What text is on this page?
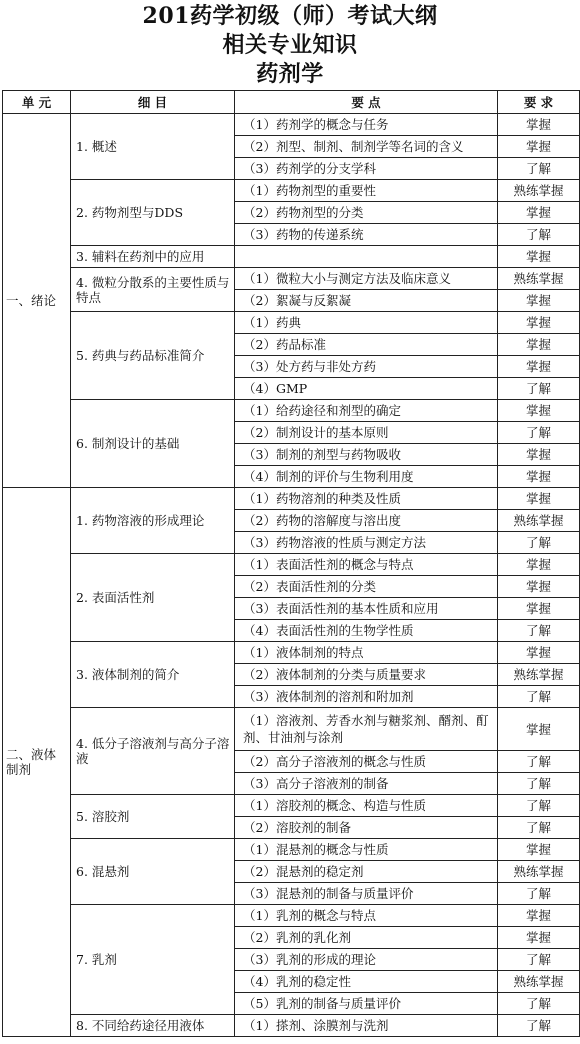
201药学初级（师）考试大纲
相关专业知识
药剂学
单 元	细 目	要 点	要 求
一、绪论	1. 概述	（1）药剂学的概念与任务	掌握
		（2）剂型、制剂、制剂学等名词的含义	掌握
		（3）药剂学的分支学科	了解
	2. 药物剂型与DDS	（1）药物剂型的重要性	熟练掌握
		（2）药物剂型的分类	掌握
		（3）药物的传递系统	了解
	3. 辅料在药剂中的应用		掌握
	4. 微粒分散系的主要性质与特点	（1）微粒大小与测定方法及临床意义	熟练掌握
		（2）絮凝与反絮凝	掌握
	5. 药典与药品标准简介	（1）药典	掌握
		（2）药品标准	掌握
		（3）处方药与非处方药	掌握
		（4）GMP	了解
	6. 制剂设计的基础	（1）给药途径和剂型的确定	掌握
		（2）制剂设计的基本原则	了解
		（3）制剂的剂型与药物吸收	掌握
		（4）制剂的评价与生物利用度	掌握
二、液体制剂	1. 药物溶液的形成理论	（1）药物溶剂的种类及性质	掌握
		（2）药物的溶解度与溶出度	熟练掌握
		（3）药物溶液的性质与测定方法	了解
	2. 表面活性剂	（1）表面活性剂的概念与特点	掌握
		（2）表面活性剂的分类	掌握
		（3）表面活性剂的基本性质和应用	掌握
		（4）表面活性剂的生物学性质	了解
	3. 液体制剂的简介	（1）液体制剂的特点	掌握
		（2）液体制剂的分类与质量要求	熟练掌握
		（3）液体制剂的溶剂和附加剂	了解
	4. 低分子溶液剂与高分子溶液	（1）溶液剂、芳香水剂与糖浆剂、醑剂、酊剂、甘油剂与涂剂	掌握
		（2）高分子溶液剂的概念与性质	了解
		（3）高分子溶液剂的制备	了解
	5. 溶胶剂	（1）溶胶剂的概念、构造与性质	了解
		（2）溶胶剂的制备	了解
	6. 混悬剂	（1）混悬剂的概念与性质	掌握
		（2）混悬剂的稳定剂	熟练掌握
		（3）混悬剂的制备与质量评价	了解
	7. 乳剂	（1）乳剂的概念与特点	掌握
		（2）乳剂的乳化剂	掌握
		（3）乳剂的形成的理论	了解
		（4）乳剂的稳定性	熟练掌握
		（5）乳剂的制备与质量评价	了解
	8. 不同给药途径用液体	（1）搽剂、涂膜剂与洗剂	了解
